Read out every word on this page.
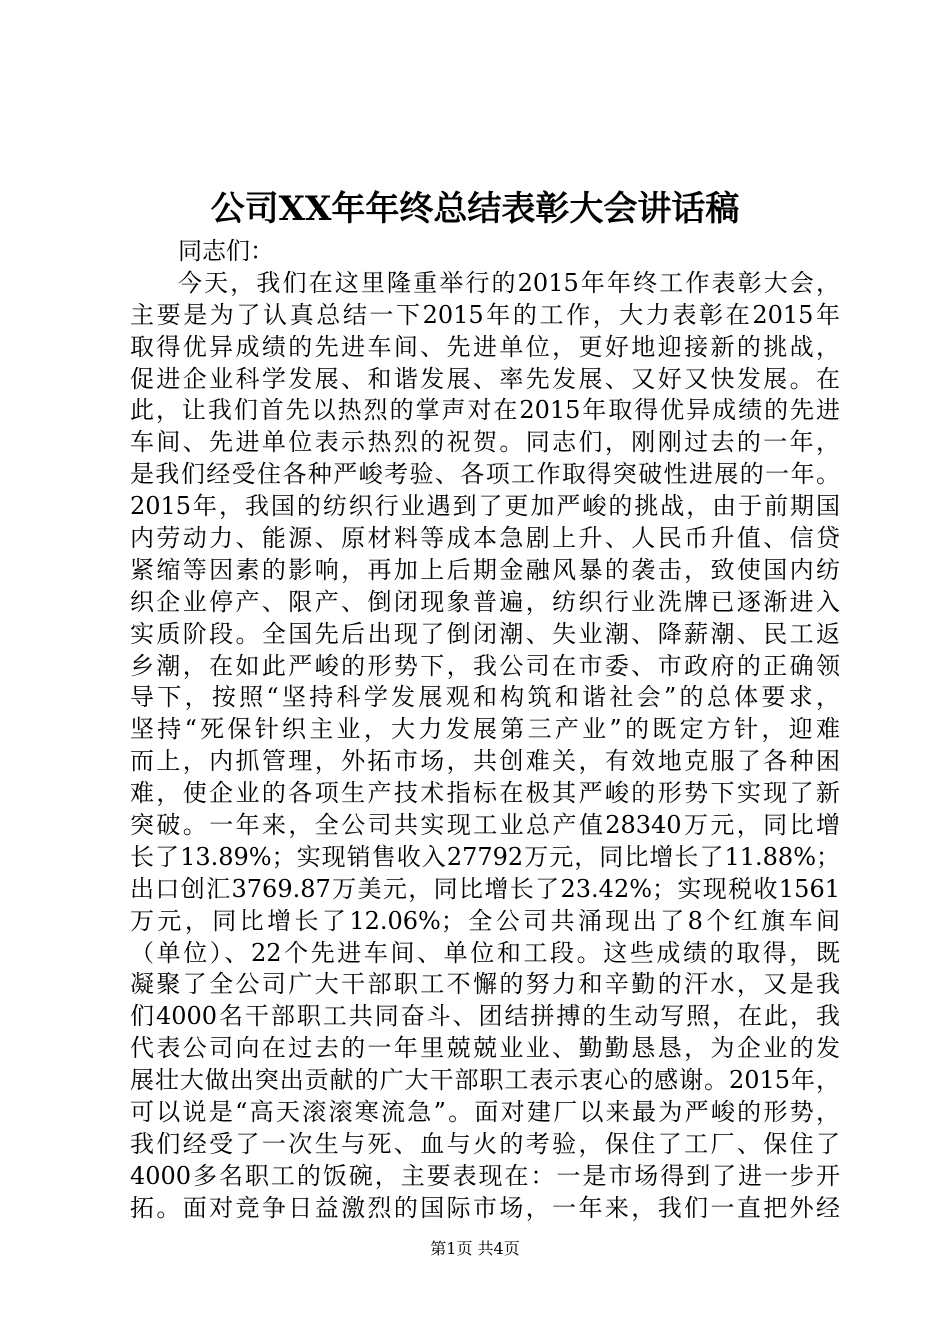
公司XX年年终总结表彰大会讲话稿
同志们：
今天，我们在这里隆重举行的2015年年终工作表彰大会，
主要是为了认真总结一下2015年的工作，大力表彰在2015年
取得优异成绩的先进车间、先进单位，更好地迎接新的挑战，
促进企业科学发展、和谐发展、率先发展、又好又快发展。在
此，让我们首先以热烈的掌声对在2015年取得优异成绩的先进
车间、先进单位表示热烈的祝贺。同志们，刚刚过去的一年，
是我们经受住各种严峻考验、各项工作取得突破性进展的一年。
2015年，我国的纺织行业遇到了更加严峻的挑战，由于前期国
内劳动力、能源、原材料等成本急剧上升、人民币升值、信贷
紧缩等因素的影响，再加上后期金融风暴的袭击，致使国内纺
织企业停产、限产、倒闭现象普遍，纺织行业洗牌已逐渐进入
实质阶段。全国先后出现了倒闭潮、失业潮、降薪潮、民工返
乡潮，在如此严峻的形势下，我公司在市委、市政府的正确领
导下，按照“坚持科学发展观和构筑和谐社会”的总体要求，
坚持“死保针织主业，大力发展第三产业”的既定方针，迎难
而上，内抓管理，外拓市场，共创难关，有效地克服了各种困
难，使企业的各项生产技术指标在极其严峻的形势下实现了新
突破。一年来，全公司共实现工业总产值28340万元，同比增
长了13.89%；实现销售收入27792万元，同比增长了11.88%；
出口创汇3769.87万美元，同比增长了23.42%；实现税收1561
万元，同比增长了12.06%；全公司共涌现出了8个红旗车间
（单位）、22个先进车间、单位和工段。这些成绩的取得，既
凝聚了全公司广大干部职工不懈的努力和辛勤的汗水，又是我
们4000名干部职工共同奋斗、团结拼搏的生动写照，在此，我
代表公司向在过去的一年里兢兢业业、勤勤恳恳，为企业的发
展壮大做出突出贡献的广大干部职工表示衷心的感谢。2015年，
可以说是“高天滚滚寒流急”。面对建厂以来最为严峻的形势，
我们经受了一次生与死、血与火的考验，保住了工厂、保住了
4000多名职工的饭碗，主要表现在：一是市场得到了进一步开
拓。面对竞争日益激烈的国际市场，一年来，我们一直把外经
第1页 共4页
